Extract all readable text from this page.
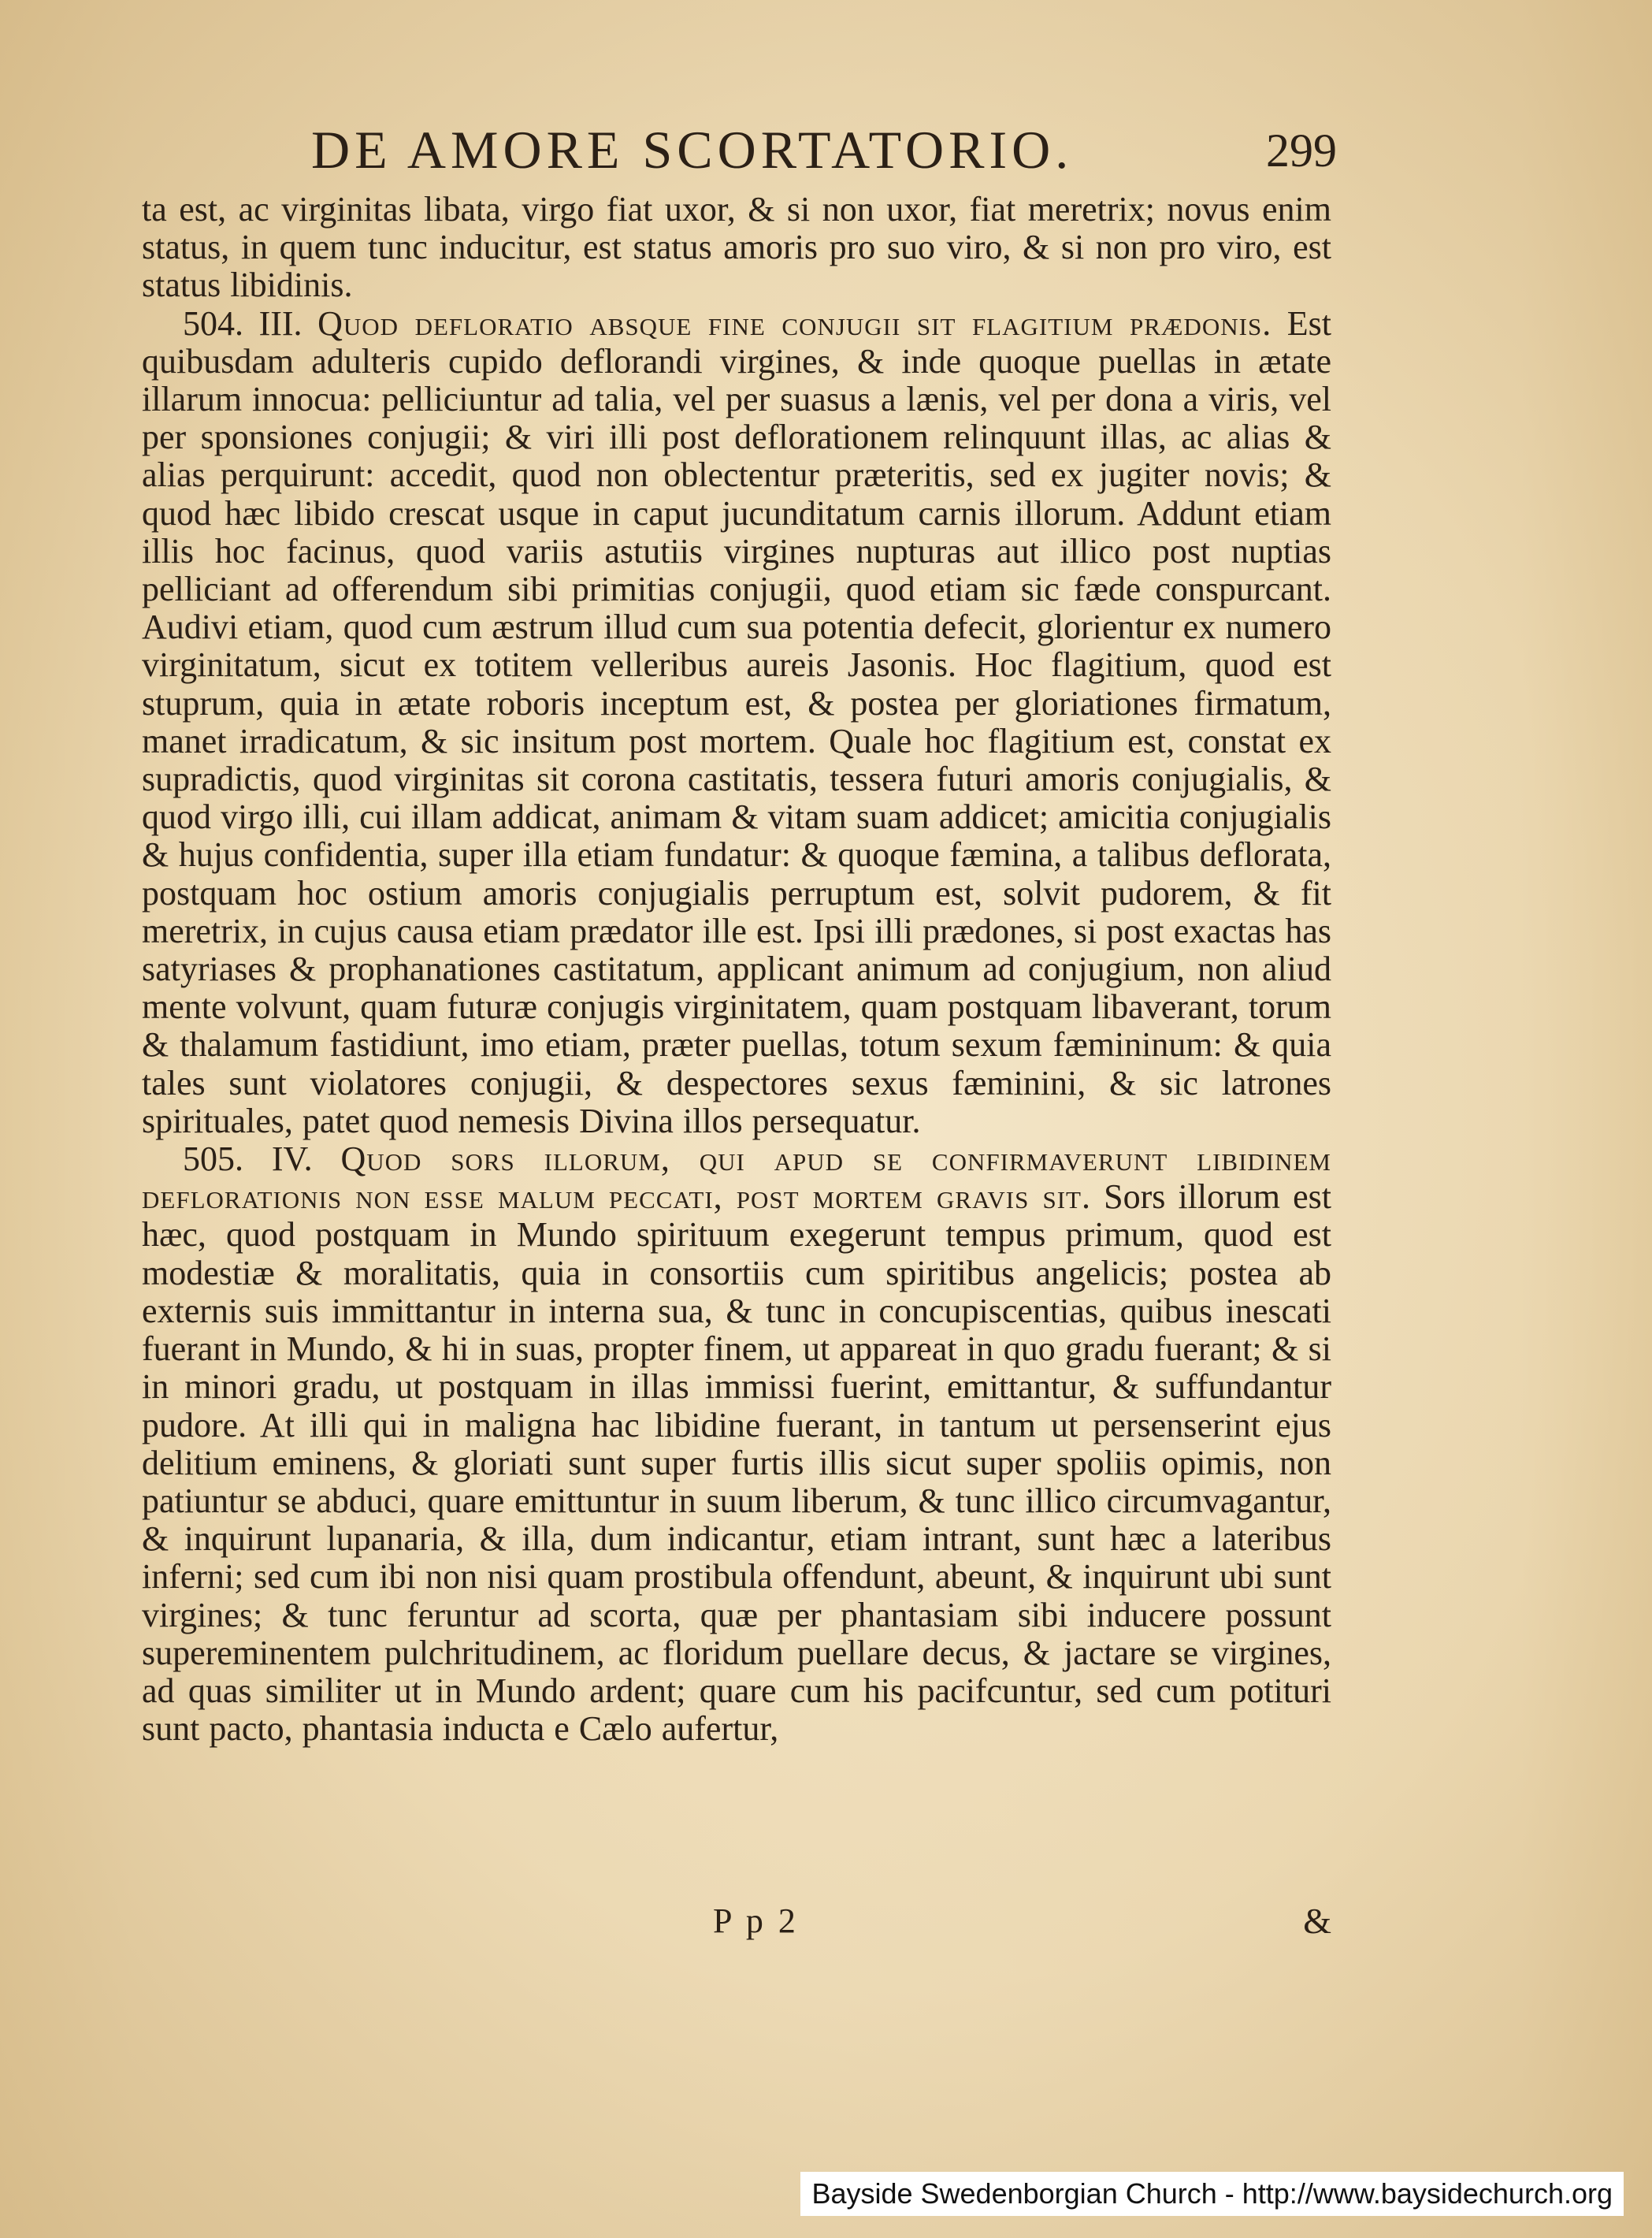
DE AMORE SCORTATORIO.	299

ta est, ac virginitas libata, virgo fiat uxor, & si non uxor, fiat meretrix; novus enim status, in quem tunc inducitur, est status amoris pro suo viro, & si non pro viro, est status libidinis.

504. III. Quod defloratio absque fine conjugii sit flagitium prædonis. Est quibusdam adulteris cupido deflorandi virgines, & inde quoque puellas in ætate illarum innocua: pelliciuntur ad talia, vel per suasus a lænis, vel per dona a viris, vel per sponsiones conjugii; & viri illi post deflorationem relinquunt illas, ac alias & alias perquirunt: accedit, quod non oblectentur præteritis, sed ex jugiter novis; & quod hæc libido crescat usque in caput jucunditatum carnis illorum. Addunt etiam illis hoc facinus, quod variis astutiis virgines nupturas aut illico post nuptias pelliciant ad offerendum sibi primitias conjugii, quod etiam sic fæde conspurcant. Audivi etiam, quod cum æstrum illud cum sua potentia defecit, glorientur ex numero virginitatum, sicut ex totitem velleribus aureis Jasonis. Hoc flagitium, quod est stuprum, quia in ætate roboris inceptum est, & postea per gloriationes firmatum, manet irradicatum, & sic insitum post mortem. Quale hoc flagitium est, constat ex supradictis, quod virginitas sit corona castitatis, tessera futuri amoris conjugialis, & quod virgo illi, cui illam addicat, animam & vitam suam addicet; amicitia conjugialis & hujus confidentia, super illa etiam fundatur: & quoque fæmina, a talibus deflorata, postquam hoc ostium amoris conjugialis perruptum est, solvit pudorem, & fit meretrix, in cujus causa etiam prædator ille est. Ipsi illi prædones, si post exactas has satyriases & prophanationes castitatum, applicant animum ad conjugium, non aliud mente volvunt, quam futuræ conjugis virginitatem, quam postquam libaverant, torum & thalamum fastidiunt, imo etiam, præter puellas, totum sexum fæmininum: & quia tales sunt violatores conjugii, & despectores sexus fæminini, & sic latrones spirituales, patet quod nemesis Divina illos persequatur.

505. IV. Quod sors illorum, qui apud se confirmaverunt libidinem deflorationis non esse malum peccati, post mortem gravis sit. Sors illorum est hæc, quod postquam in Mundo spirituum exegerunt tempus primum, quod est modestiæ & moralitatis, quia in consortiis cum spiritibus angelicis; postea ab externis suis immittantur in interna sua, & tunc in concupiscentias, quibus inescati fuerant in Mundo, & hi in suas, propter finem, ut appareat in quo gradu fuerant; & si in minori gradu, ut postquam in illas immissi fuerint, emittantur, & suffundantur pudore. At illi qui in maligna hac libidine fuerant, in tantum ut persenserint ejus delitium eminens, & gloriati sunt super furtis illis sicut super spoliis opimis, non patiuntur se abduci, quare emittuntur in suum liberum, & tunc illico circumvagantur, & inquirunt lupanaria, & illa, dum indicantur, etiam intrant, sunt hæc a lateribus inferni; sed cum ibi non nisi quam prostibula offendunt, abeunt, & inquirunt ubi sunt virgines; & tunc feruntur ad scorta, quæ per phantasiam sibi inducere possunt supereminentem pulchritudinem, ac floridum puellare decus, & jactare se virgines, ad quas similiter ut in Mundo ardent; quare cum his pacifcuntur, sed cum potituri sunt pacto, phantasia inducta e Cælo aufertur,

P p 2	&
Bayside Swedenborgian Church - http://www.baysidechurch.org
